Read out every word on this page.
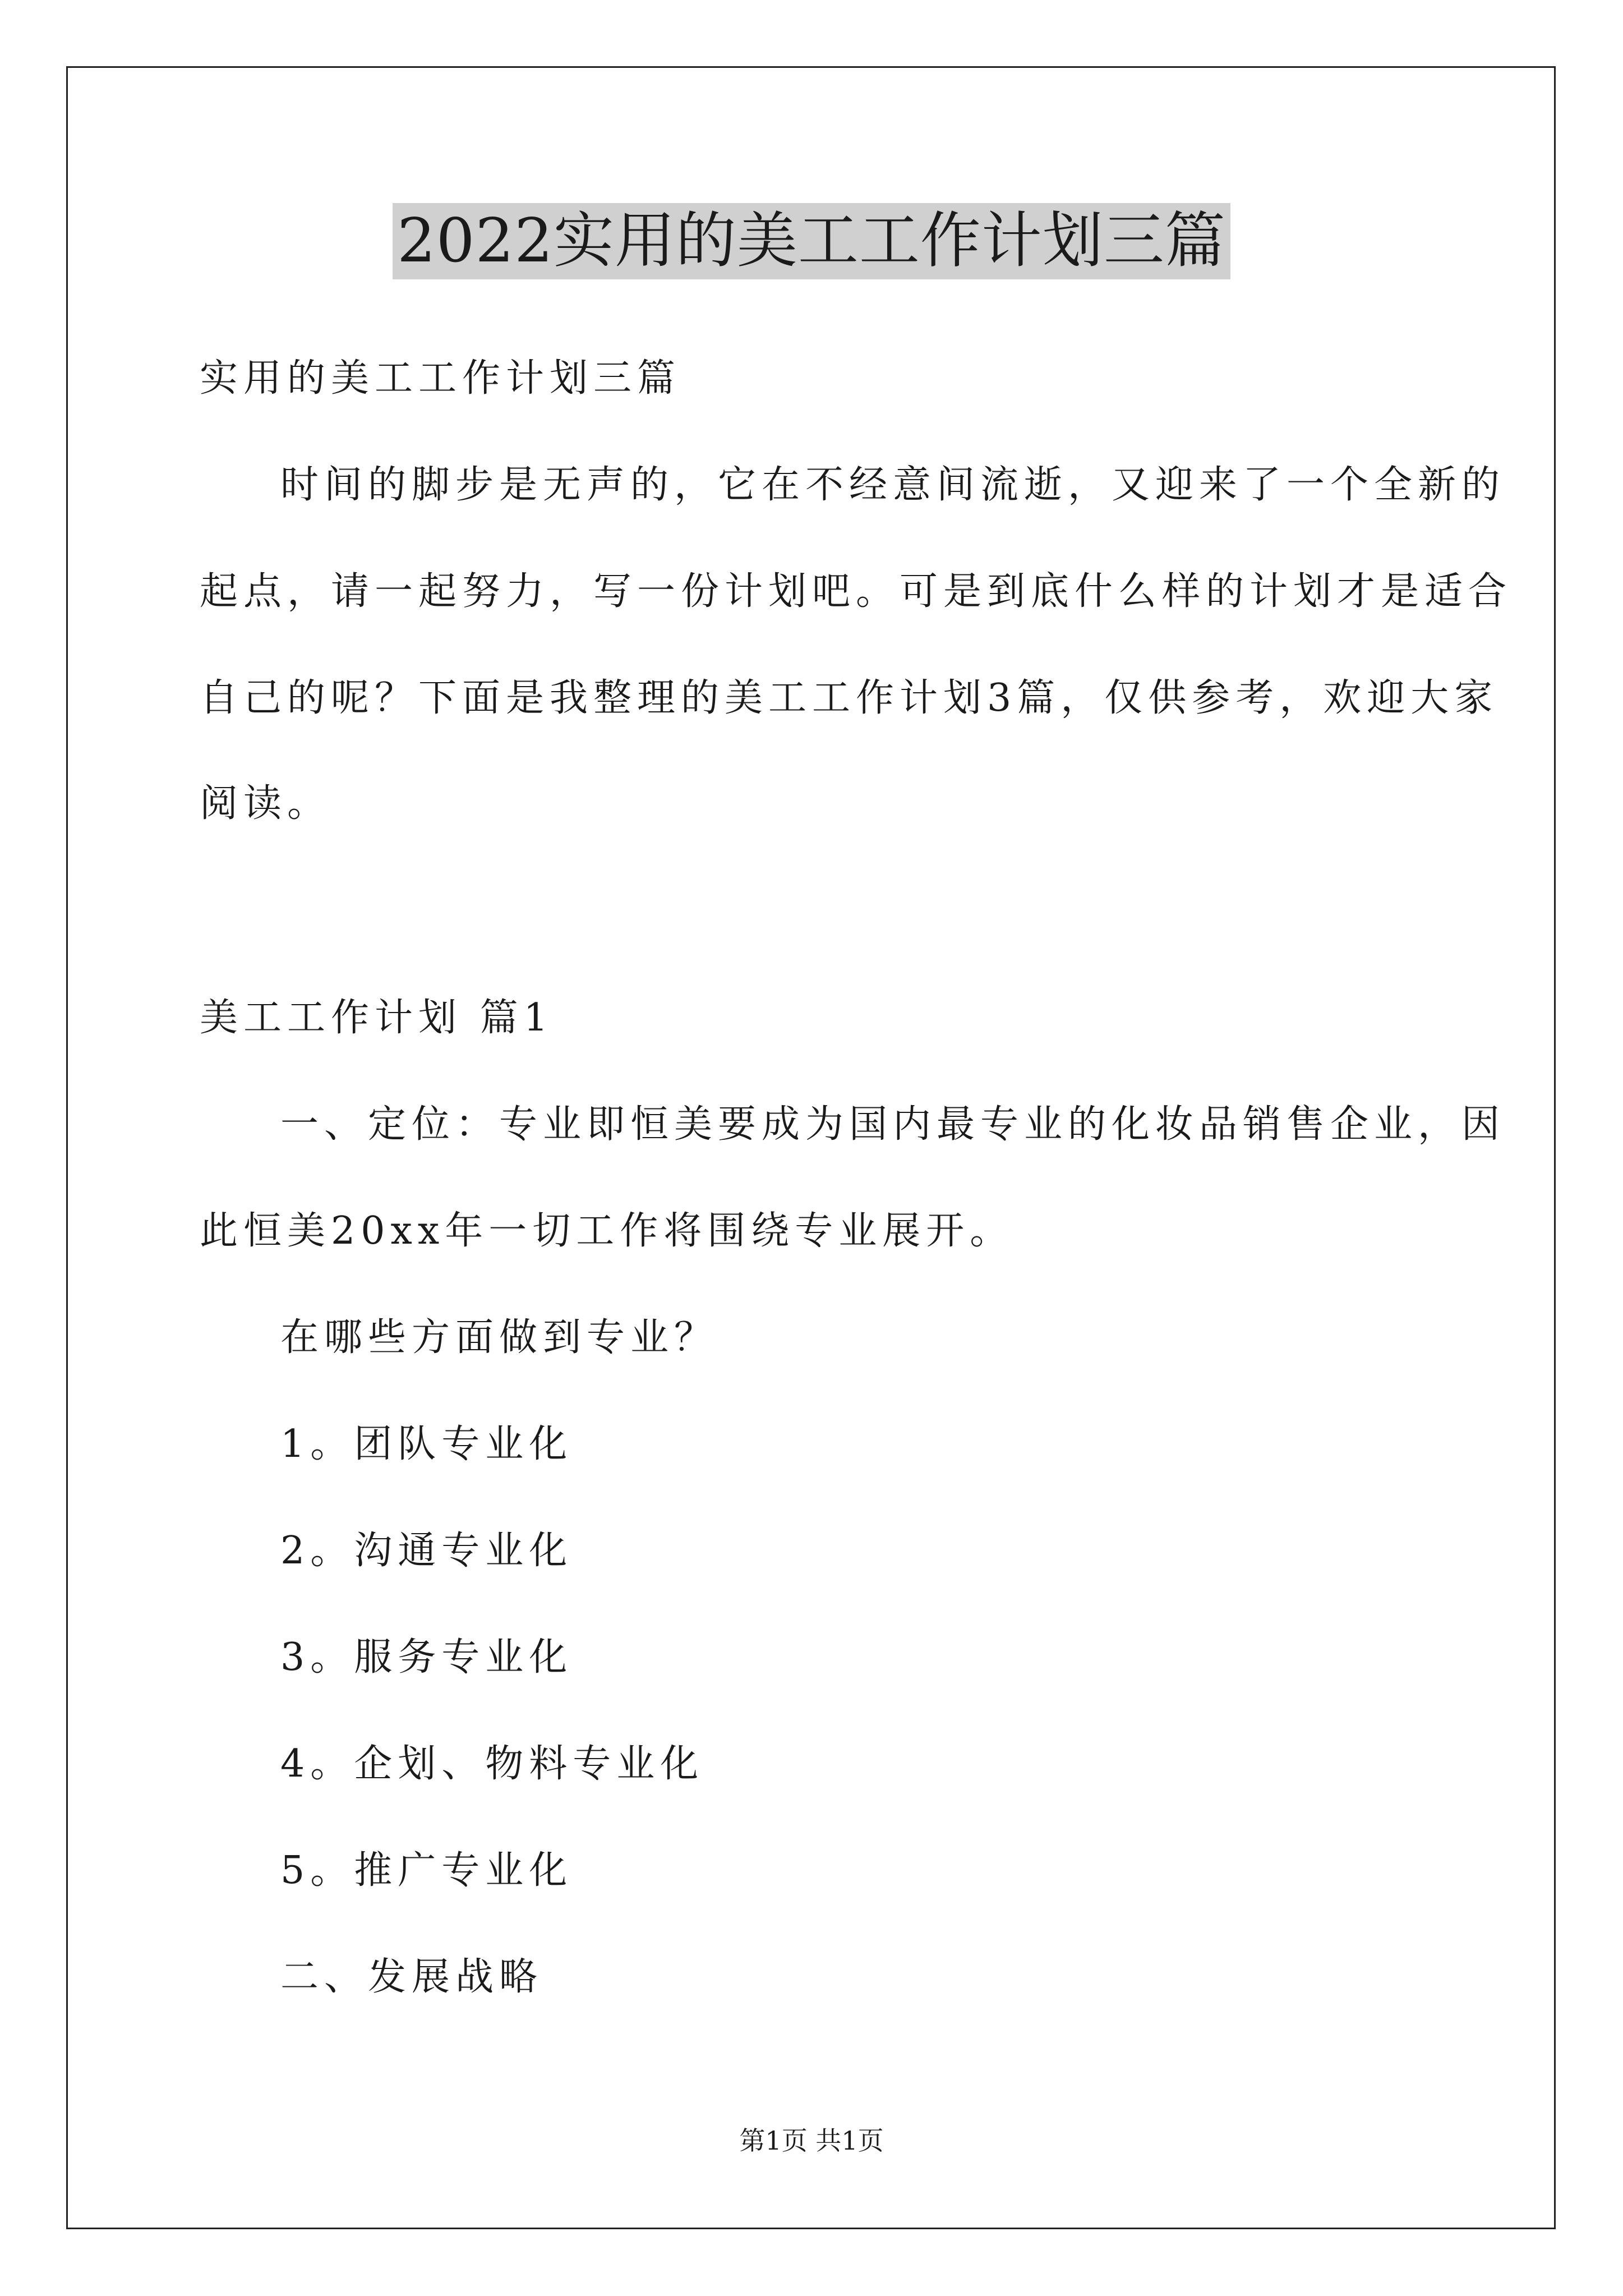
2022实用的美工工作计划三篇
实用的美工工作计划三篇
时间的脚步是无声的，它在不经意间流逝，又迎来了一个全新的
起点，请一起努力，写一份计划吧。可是到底什么样的计划才是适合
自己的呢？下面是我整理的美工工作计划3篇，仅供参考，欢迎大家
阅读。
美工工作计划 篇1
一、定位：专业即恒美要成为国内最专业的化妆品销售企业，因
此恒美20xx年一切工作将围绕专业展开。
在哪些方面做到专业？
1。团队专业化
2。沟通专业化
3。服务专业化
4。企划、物料专业化
5。推广专业化
二、发展战略
第1页 共1页
